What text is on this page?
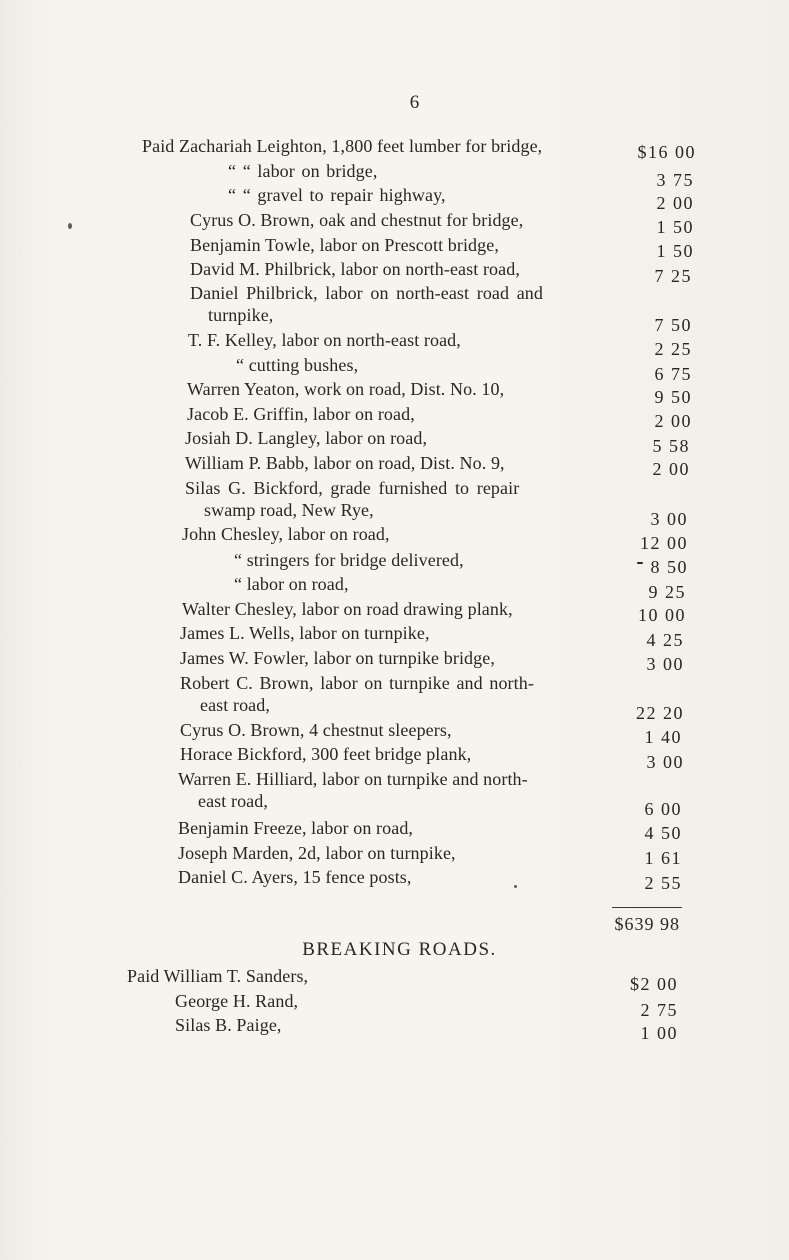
6
Paid Zachariah Leighton, 1,800 feet lumber for bridge,	$16 00
“ “ labor on bridge,	3 75
“ “ gravel to repair highway,	2 00
Cyrus O. Brown, oak and chestnut for bridge,	1 50
Benjamin Towle, labor on Prescott bridge,	1 50
David M. Philbrick, labor on north-east road,	7 25
Daniel Philbrick, labor on north-east road and
turnpike,	7 50
T. F. Kelley, labor on north-east road,	2 25
“ cutting bushes,	6 75
Warren Yeaton, work on road, Dist. No. 10,	9 50
Jacob E. Griffin, labor on road,	2 00
Josiah D. Langley, labor on road,	5 58
William P. Babb, labor on road, Dist. No. 9,	2 00
Silas G. Bickford, grade furnished to repair
swamp road, New Rye,	3 00
John Chesley, labor on road,	12 00
“ stringers for bridge delivered,	8 50
“ labor on road,	9 25
Walter Chesley, labor on road drawing plank,	10 00
James L. Wells, labor on turnpike,	4 25
James W. Fowler, labor on turnpike bridge,	3 00
Robert C. Brown, labor on turnpike and north-
east road,	22 20
Cyrus O. Brown, 4 chestnut sleepers,	1 40
Horace Bickford, 300 feet bridge plank,	3 00
Warren E. Hilliard, labor on turnpike and north-
east road,	6 00
Benjamin Freeze, labor on road,	4 50
Joseph Marden, 2d, labor on turnpike,	1 61
Daniel C. Ayers, 15 fence posts,	2 55
$639 98
BREAKING ROADS.
Paid William T. Sanders,	$2 00
George H. Rand,	2 75
Silas B. Paige,	1 00
